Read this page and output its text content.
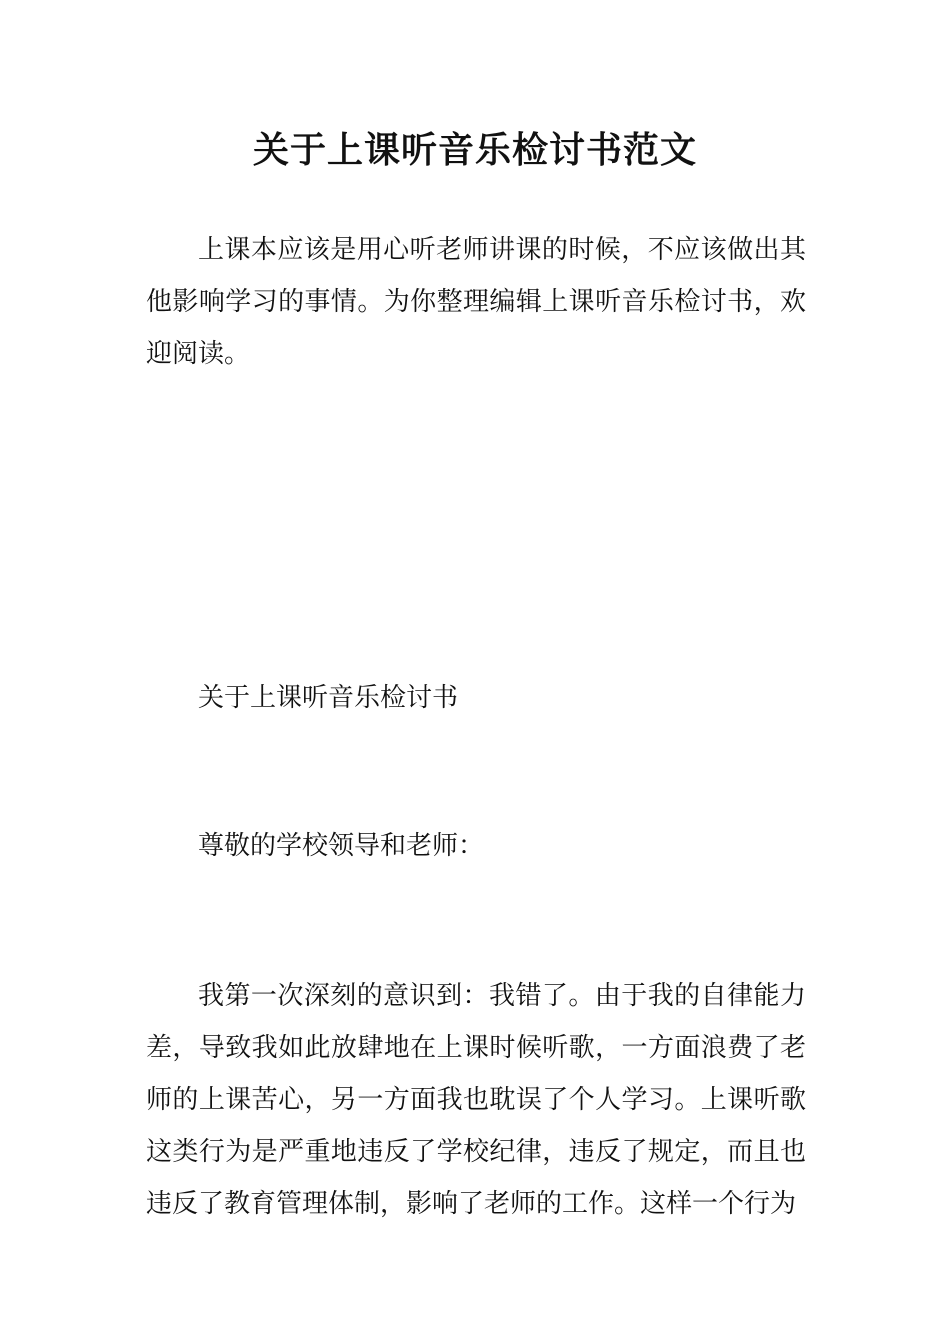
关于上课听音乐检讨书范文

上课本应该是用心听老师讲课的时候，不应该做出其他影响学习的事情。为你整理编辑上课听音乐检讨书，欢迎阅读。

关于上课听音乐检讨书

尊敬的学校领导和老师：

我第一次深刻的意识到：我错了。由于我的自律能力差，导致我如此放肆地在上课时候听歌，一方面浪费了老师的上课苦心，另一方面我也耽误了个人学习。上课听歌这类行为是严重地违反了学校纪律，违反了规定，而且也违反了教育管理体制，影响了老师的工作。这样一个行为
